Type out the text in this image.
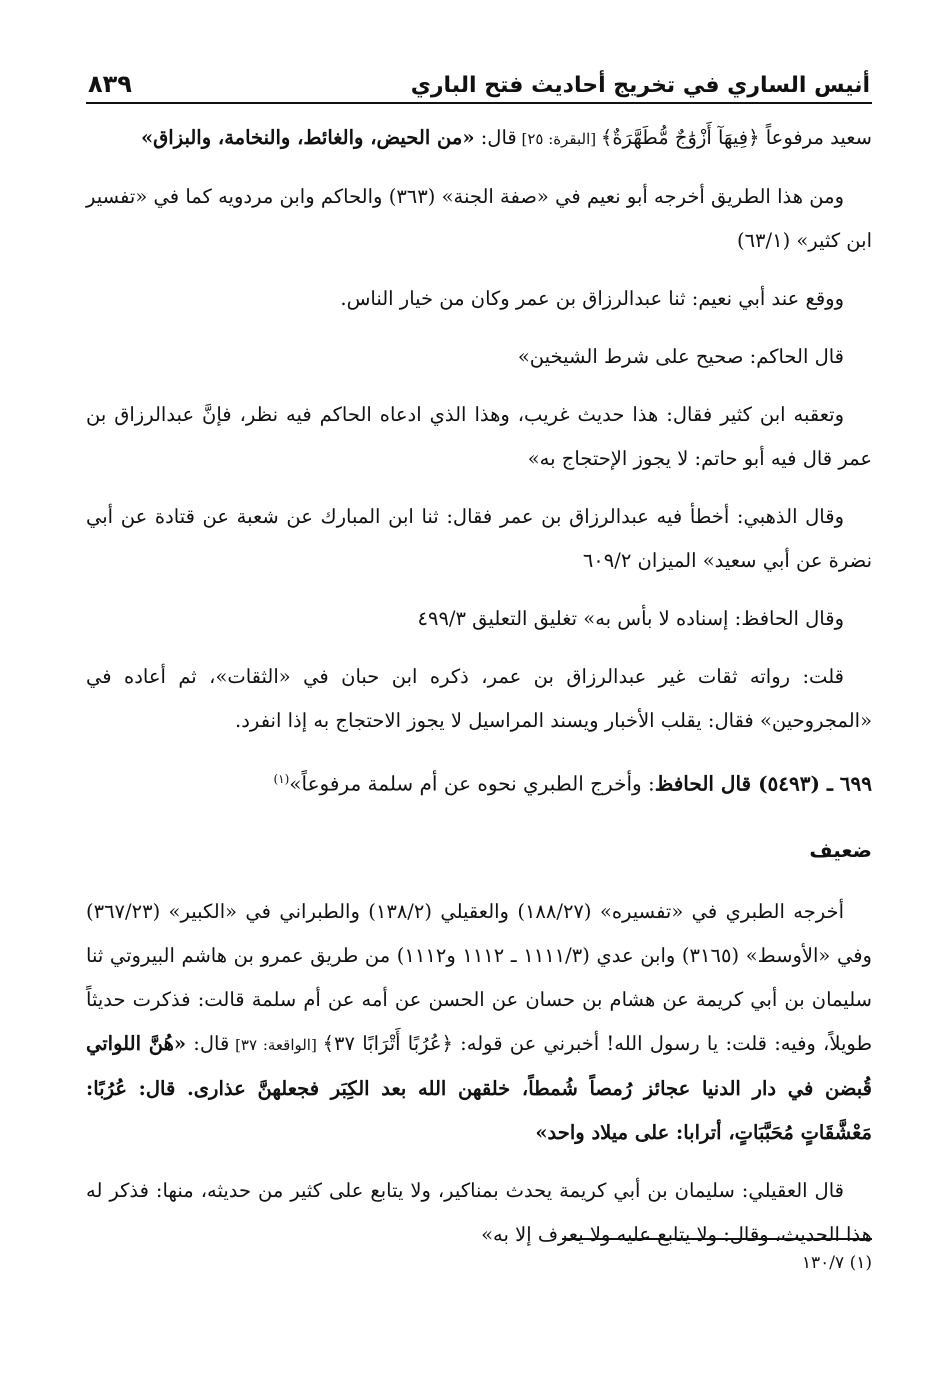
أنيس الساري في تخريج أحاديث فتح الباري
٨٣٩

سعيد مرفوعاً ﴿فِيهَآ أَزْوَٰجٌ مُّطَهَّرَةٌ﴾ [البقرة: ٢٥] قال: «من الحيض، والغائط، والنخامة، والبزاق»

ومن هذا الطريق أخرجه أبو نعيم في «صفة الجنة» (٣٦٣) والحاكم وابن مردويه كما في «تفسير ابن كثير» (٦٣/١)

ووقع عند أبي نعيم: ثنا عبدالرزاق بن عمر وكان من خيار الناس.

قال الحاكم: صحيح على شرط الشيخين»

وتعقبه ابن كثير فقال: هذا حديث غريب، وهذا الذي ادعاه الحاكم فيه نظر، فإنَّ عبدالرزاق بن عمر قال فيه أبو حاتم: لا يجوز الإحتجاج به»

وقال الذهبي: أخطأ فيه عبدالرزاق بن عمر فقال: ثنا ابن المبارك عن شعبة عن قتادة عن أبي نضرة عن أبي سعيد» الميزان ٦٠٩/٢

وقال الحافظ: إسناده لا بأس به» تغليق التعليق ٤٩٩/٣

قلت: رواته ثقات غير عبدالرزاق بن عمر، ذكره ابن حبان في «الثقات»، ثم أعاده في «المجروحين» فقال: يقلب الأخبار ويسند المراسيل لا يجوز الاحتجاج به إذا انفرد.

٦٩٩ ـ (٥٤٩٣) قال الحافظ: وأخرج الطبري نحوه عن أم سلمة مرفوعاً»$^{(١)}$
ضعيف

أخرجه الطبري في «تفسيره» (١٨٨/٢٧) والعقيلي (١٣٨/٢) والطبراني في «الكبير» (٣٦٧/٢٣) وفي «الأوسط» (٣١٦٥) وابن عدي (١١١١/٣ ـ ١١١٢ و١١١٢) من طريق عمرو بن هاشم البيروتي ثنا سليمان بن أبي كريمة عن هشام بن حسان عن الحسن عن أمه عن أم سلمة قالت: فذكرت حديثاً طويلاً، وفيه: قلت: يا رسول الله! أخبرني عن قوله: ﴿عُرُبًا أَتْرَابًا ٣٧﴾ [الواقعة: ٣٧] قال: «هُنَّ اللواتي قُبضن في دار الدنيا عجائز رُمصاً شُمطاً، خلقهن الله بعد الكِبَر فجعلهنَّ عذارى. قال: عُرُبًا: مَعْشَّقَاتٍ مُحَبَّبَاتٍ، أترابا: على ميلاد واحد»

قال العقيلي: سليمان بن أبي كريمة يحدث بمناكير، ولا يتابع على كثير من حديثه، منها: فذكر له هذا الحديث، وقال: ولا يتابع عليه ولا يعرف إلا به»

(١) ١٣٠/٧
